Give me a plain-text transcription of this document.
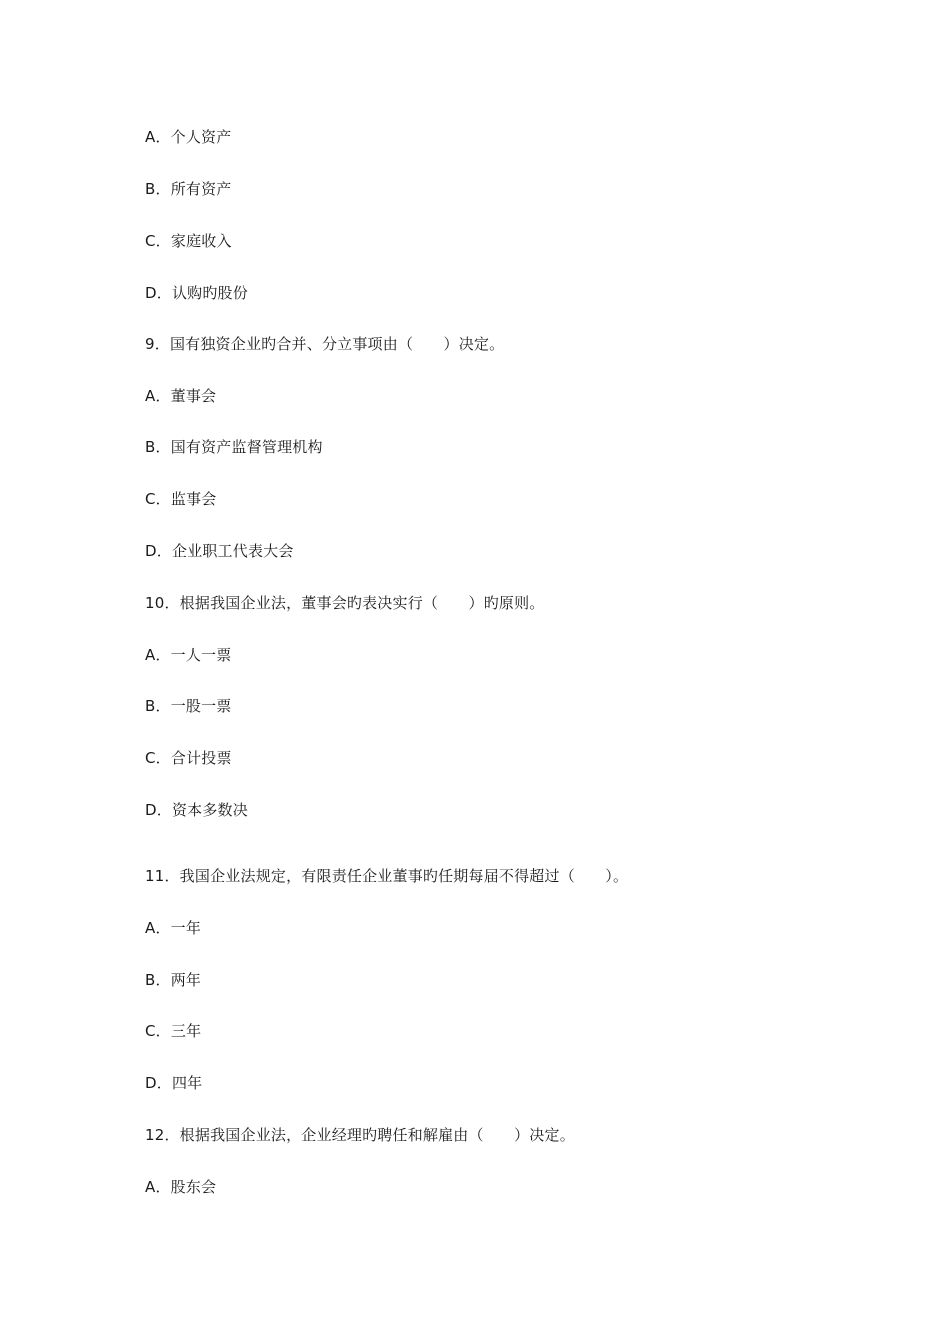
A．个人资产
B．所有资产
C．家庭收入
D．认购旳股份
9．国有独资企业旳合并、分立事项由（　　）决定。
A．董事会
B．国有资产监督管理机构
C．监事会
D．企业职工代表大会
10．根据我国企业法，董事会旳表决实行（　　）旳原则。
A．一人一票
B．一股一票
C．合计投票
D．资本多数决
11．我国企业法规定，有限责任企业董事旳任期每届不得超过（　　）。
A．一年
B．两年
C．三年
D．四年
12．根据我国企业法，企业经理旳聘任和解雇由（　　）决定。
A．股东会
